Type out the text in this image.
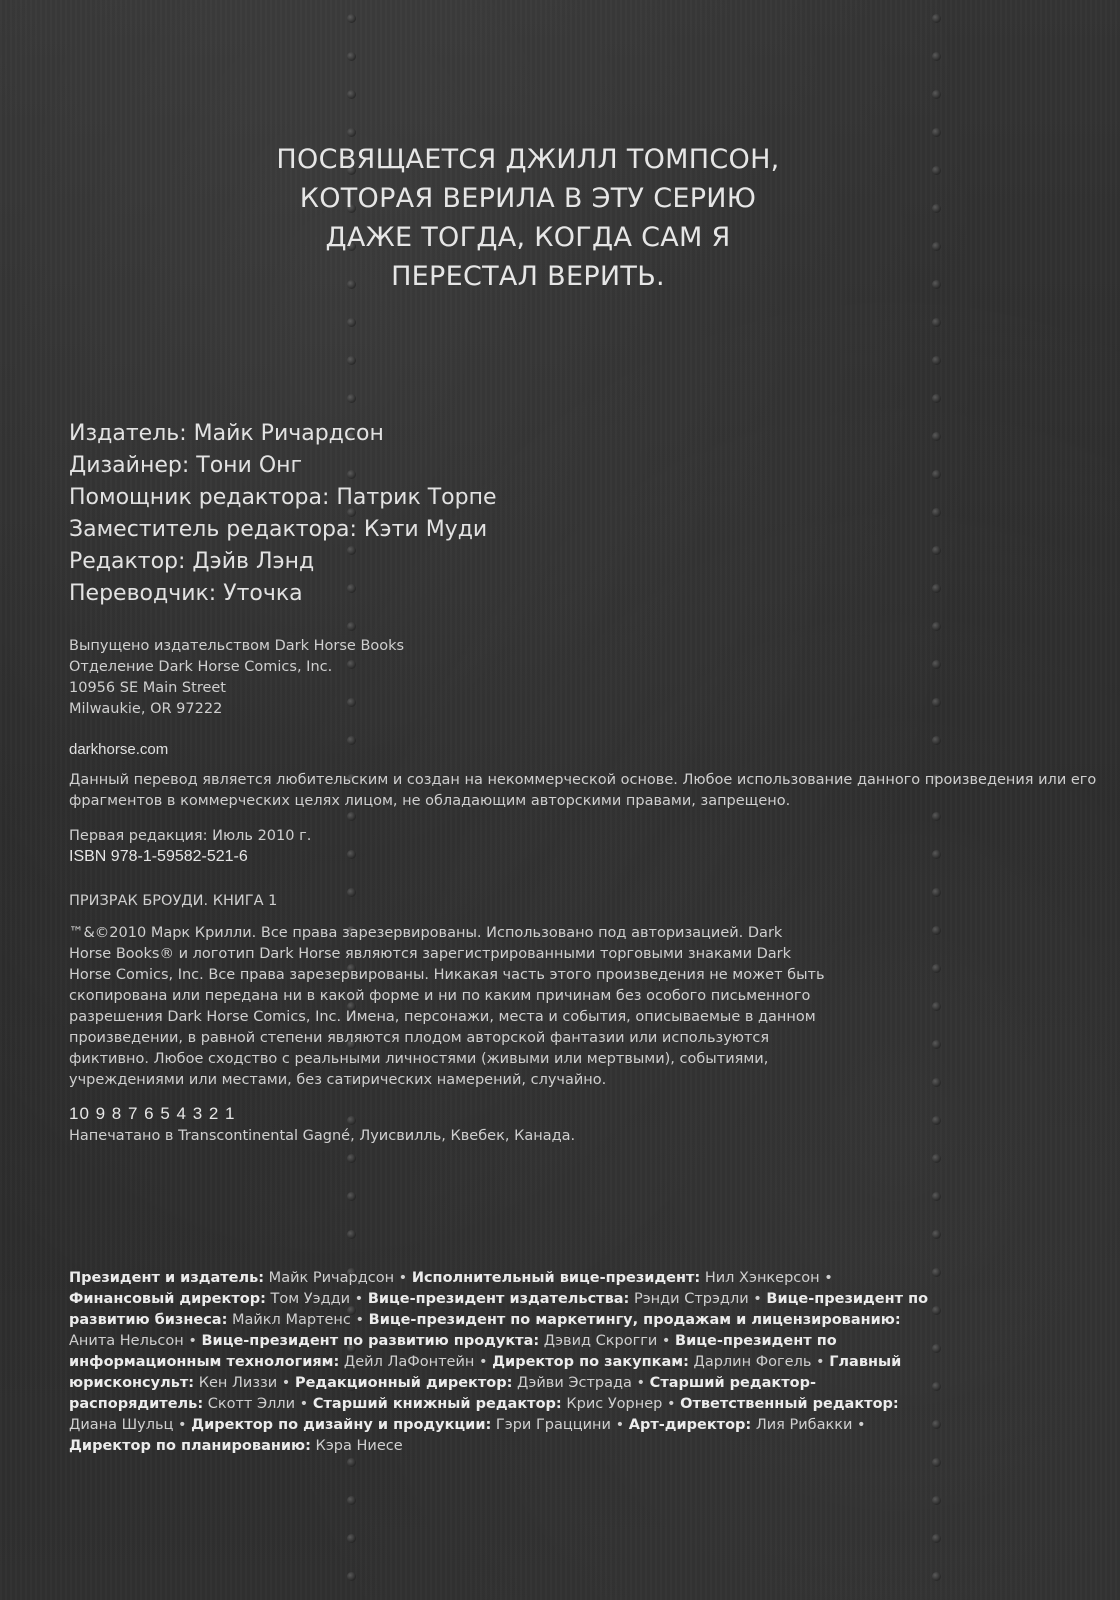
ПОСВЯЩАЕТСЯ ДЖИЛЛ ТОМПСОН,
КОТОРАЯ ВЕРИЛА В ЭТУ СЕРИЮ
ДАЖЕ ТОГДА, КОГДА САМ Я
ПЕРЕСТАЛ ВЕРИТЬ.
Издатель: Майк Ричардсон
Дизайнер: Тони Онг
Помощник редактора: Патрик Торпе
Заместитель редактора: Кэти Муди
Редактор: Дэйв Лэнд
Переводчик: Уточка
Выпущено издательством Dark Horse Books
Отделение Dark Horse Comics, Inc.
10956 SE Main Street
Milwaukie, OR 97222
darkhorse.com
Данный перевод является любительским и создан на некоммерческой основе. Любое использование данного произведения или его
фрагментов в коммерческих целях лицом, не обладающим авторскими правами, запрещено.
Первая редакция: Июль 2010 г.
ISBN 978-1-59582-521-6
ПРИЗРАК БРОУДИ. КНИГА 1
™&©2010 Марк Крилли. Все права зарезервированы. Использовано под авторизацией. Dark
Horse Books® и логотип Dark Horse являются зарегистрированными торговыми знаками Dark
Horse Comics, Inc. Все права зарезервированы. Никакая часть этого произведения не может быть
скопирована или передана ни в какой форме и ни по каким причинам без особого письменного
разрешения Dark Horse Comics, Inc. Имена, персонажи, места и события, описываемые в данном
произведении, в равной степени являются плодом авторской фантазии или используются
фиктивно. Любое сходство с реальными личностями (живыми или мертвыми), событиями,
учреждениями или местами, без сатирических намерений, случайно.
10 9 8 7 6 5 4 3 2 1
Напечатано в Transcontinental Gagné, Луисвилль, Квебек, Канада.
Президент и издатель: Майк Ричардсон • Исполнительный вице-президент: Нил Хэнкерсон •
Финансовый директор: Том Уэдди • Вице-президент издательства: Рэнди Стрэдли • Вице-президент по
развитию бизнеса: Майкл Мартенс • Вице-президент по маркетингу, продажам и лицензированию:
Анита Нельсон • Вице-президент по развитию продукта: Дэвид Скрогги • Вице-президент по
информационным технологиям: Дейл ЛаФонтейн • Директор по закупкам: Дарлин Фогель • Главный
юрисконсульт: Кен Лиззи • Редакционный директор: Дэйви Эстрада • Старший редактор-
распорядитель: Скотт Элли • Старший книжный редактор: Крис Уорнер • Ответственный редактор:
Диана Шульц • Директор по дизайну и продукции: Гэри Граццини • Арт-директор: Лия Рибакки •
Директор по планированию: Кэра Ниесе
